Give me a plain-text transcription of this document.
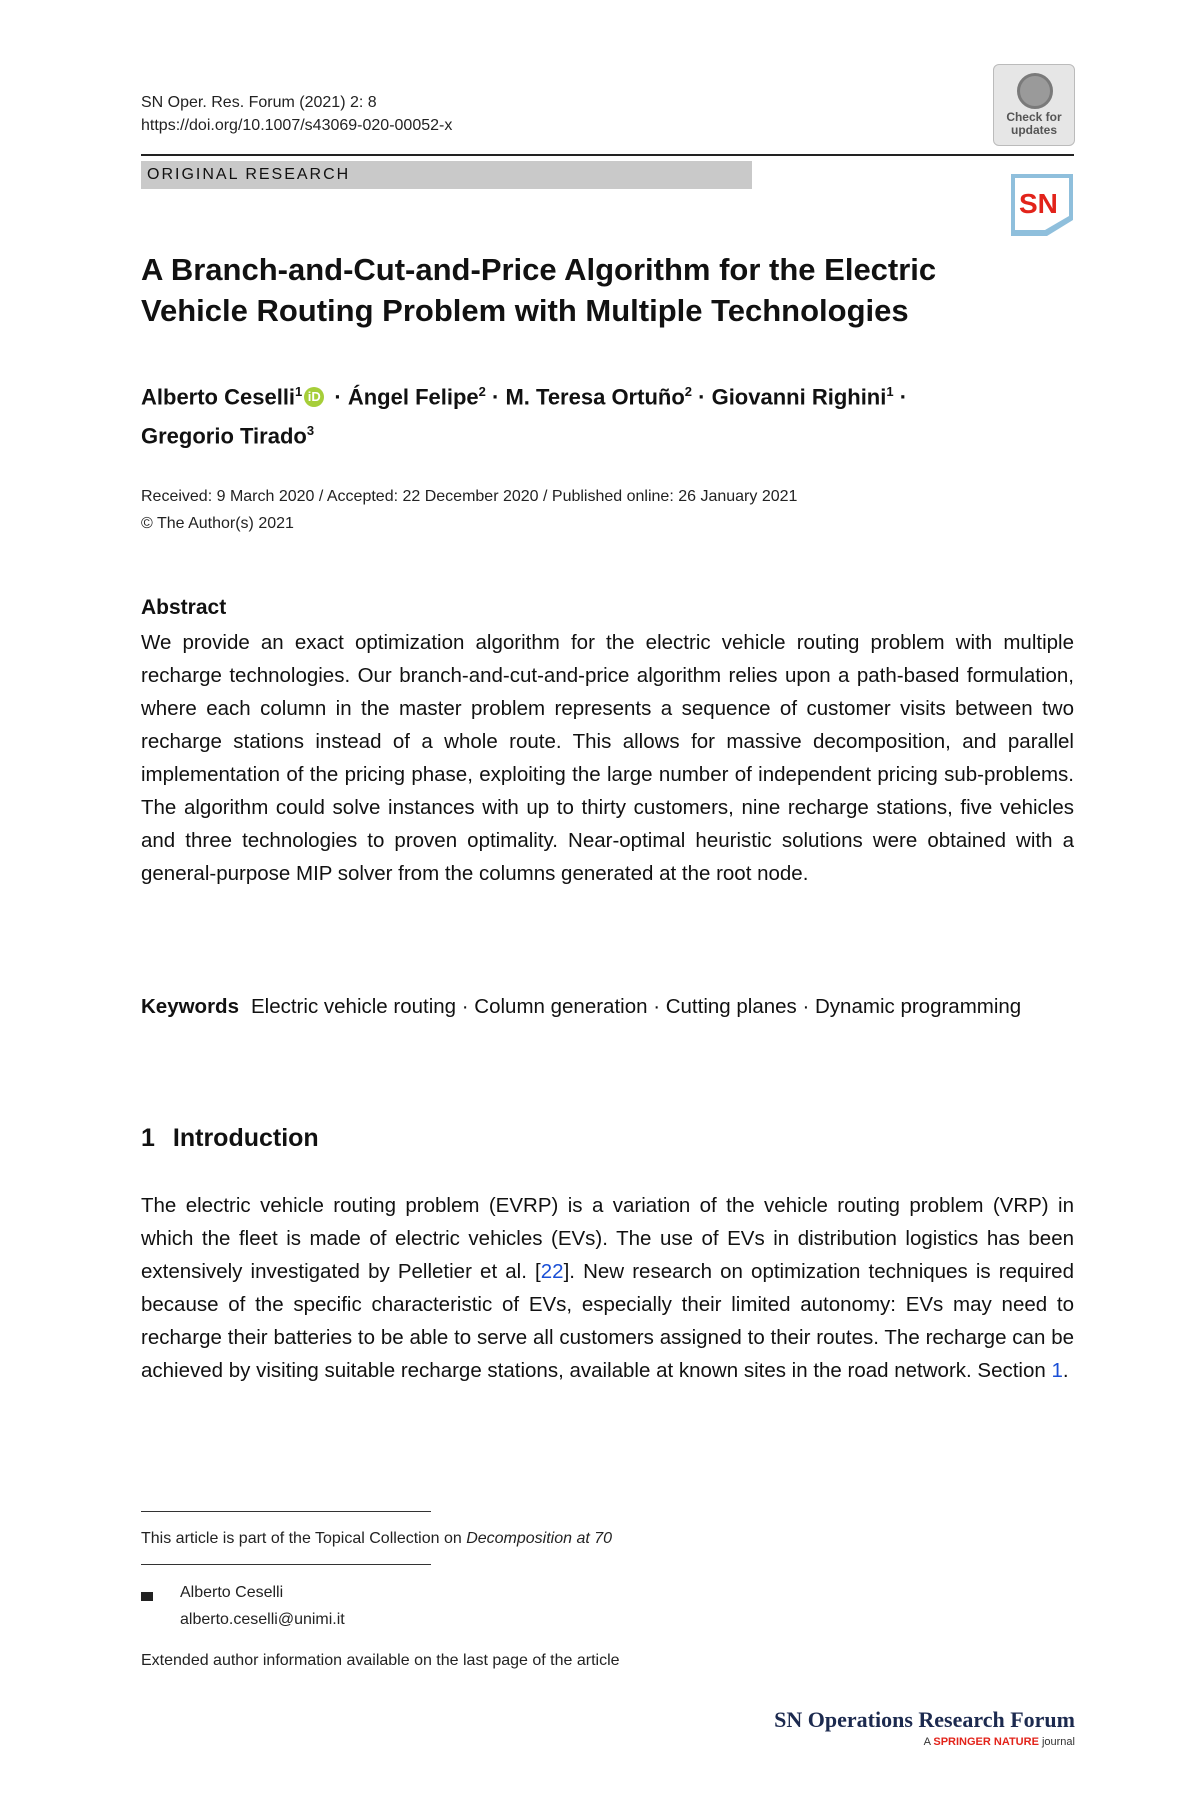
SN Oper. Res. Forum (2021) 2: 8
https://doi.org/10.1007/s43069-020-00052-x	Check for updates
ORIGINAL RESEARCH
SN
A Branch-and-Cut-and-Price Algorithm for the Electric
Vehicle Routing Problem with Multiple Technologies
Alberto Ceselli$^1$ iD · Ángel Felipe$^2$ · M. Teresa Ortuño$^2$ · Giovanni Righini$^1$ ·
Gregorio Tirado$^3$
Received: 9 March 2020 / Accepted: 22 December 2020 / Published online: 26 January 2021
© The Author(s) 2021
Abstract
We provide an exact optimization algorithm for the electric vehicle routing problem with multiple recharge technologies. Our branch-and-cut-and-price algorithm relies upon a path-based formulation, where each column in the master problem represents a sequence of customer visits between two recharge stations instead of a whole route. This allows for massive decomposition, and parallel implementation of the pricing phase, exploiting the large number of independent pricing sub-problems. The algorithm could solve instances with up to thirty customers, nine recharge stations, five vehicles and three technologies to proven optimality. Near-optimal heuristic solutions were obtained with a general-purpose MIP solver from the columns generated at the root node.
Keywords Electric vehicle routing · Column generation · Cutting planes · Dynamic programming
1 Introduction
The electric vehicle routing problem (EVRP) is a variation of the vehicle routing problem (VRP) in which the fleet is made of electric vehicles (EVs). The use of EVs in distribution logistics has been extensively investigated by Pelletier et al. [22]. New research on optimization techniques is required because of the specific characteristic of EVs, especially their limited autonomy: EVs may need to recharge their batteries to be able to serve all customers assigned to their routes. The recharge can be achieved by visiting suitable recharge stations, available at known sites in the road network. Section 1.
This article is part of the Topical Collection on Decomposition at 70
Alberto Ceselli
alberto.ceselli@unimi.it
Extended author information available on the last page of the article
SN Operations Research Forum
A SPRINGER NATURE journal
